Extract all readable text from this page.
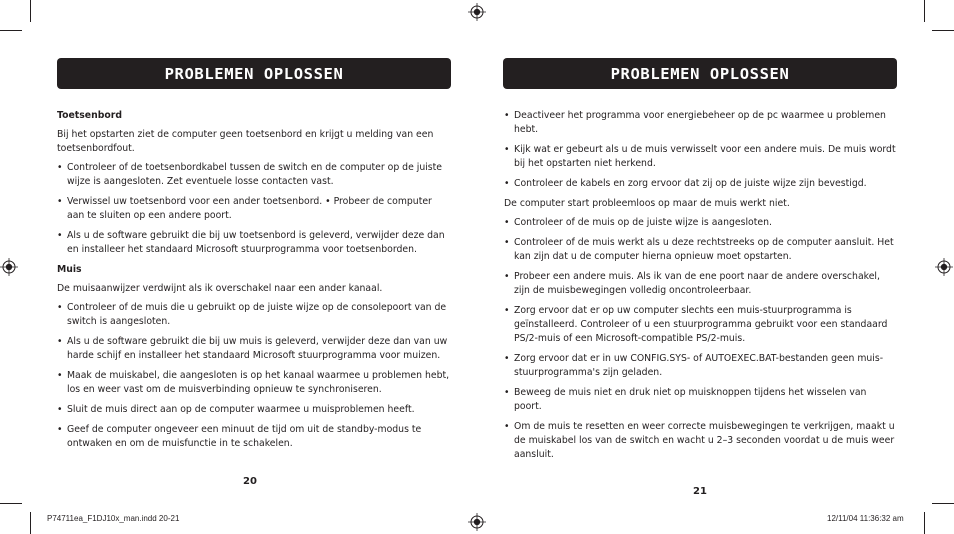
PROBLEMEN OPLOSSEN
Toetsenbord
Bij het opstarten ziet de computer geen toetsenbord en krijgt u melding van een toetsenbordfout.
• Controleer of de toetsenbordkabel tussen de switch en de computer op de juiste wijze is aangesloten. Zet eventuele losse contacten vast.
• Verwissel uw toetsenbord voor een ander toetsenbord. • Probeer de computer aan te sluiten op een andere poort.
• Als u de software gebruikt die bij uw toetsenbord is geleverd, verwijder deze dan en installeer het standaard Microsoft stuurprogramma voor toetsenborden.
Muis
De muisaanwijzer verdwijnt als ik overschakel naar een ander kanaal.
• Controleer of de muis die u gebruikt op de juiste wijze op de consolepoort van de switch is aangesloten.
• Als u de software gebruikt die bij uw muis is geleverd, verwijder deze dan van uw harde schijf en installeer het standaard Microsoft stuurprogramma voor muizen.
• Maak de muiskabel, die aangesloten is op het kanaal waarmee u problemen hebt, los en weer vast om de muisverbinding opnieuw te synchroniseren.
• Sluit de muis direct aan op de computer waarmee u muisproblemen heeft.
• Geef de computer ongeveer een minuut de tijd om uit de standby-modus te ontwaken en om de muisfunctie in te schakelen.
20
PROBLEMEN OPLOSSEN
• Deactiveer het programma voor energiebeheer op de pc waarmee u problemen hebt.
• Kijk wat er gebeurt als u de muis verwisselt voor een andere muis. De muis wordt bij het opstarten niet herkend.
• Controleer de kabels en zorg ervoor dat zij op de juiste wijze zijn bevestigd.
De computer start probleemloos op maar de muis werkt niet.
• Controleer of de muis op de juiste wijze is aangesloten.
• Controleer of de muis werkt als u deze rechtstreeks op de computer aansluit. Het kan zijn dat u de computer hierna opnieuw moet opstarten.
• Probeer een andere muis. Als ik van de ene poort naar de andere overschakel, zijn de muisbewegingen volledig oncontroleerbaar.
• Zorg ervoor dat er op uw computer slechts een muis-stuurprogramma is geïnstalleerd. Controleer of u een stuurprogramma gebruikt voor een standaard PS/2-muis of een Microsoft-compatible PS/2-muis.
• Zorg ervoor dat er in uw CONFIG.SYS- of AUTOEXEC.BAT-bestanden geen muis-stuurprogramma's zijn geladen.
• Beweeg de muis niet en druk niet op muisknoppen tijdens het wisselen van poort.
• Om de muis te resetten en weer correcte muisbewegingen te verkrijgen, maakt u de muiskabel los van de switch en wacht u 2–3 seconden voordat u de muis weer aansluit.
21
P74711ea_F1DJ10x_man.indd 20-21	12/11/04 11:36:32 am
